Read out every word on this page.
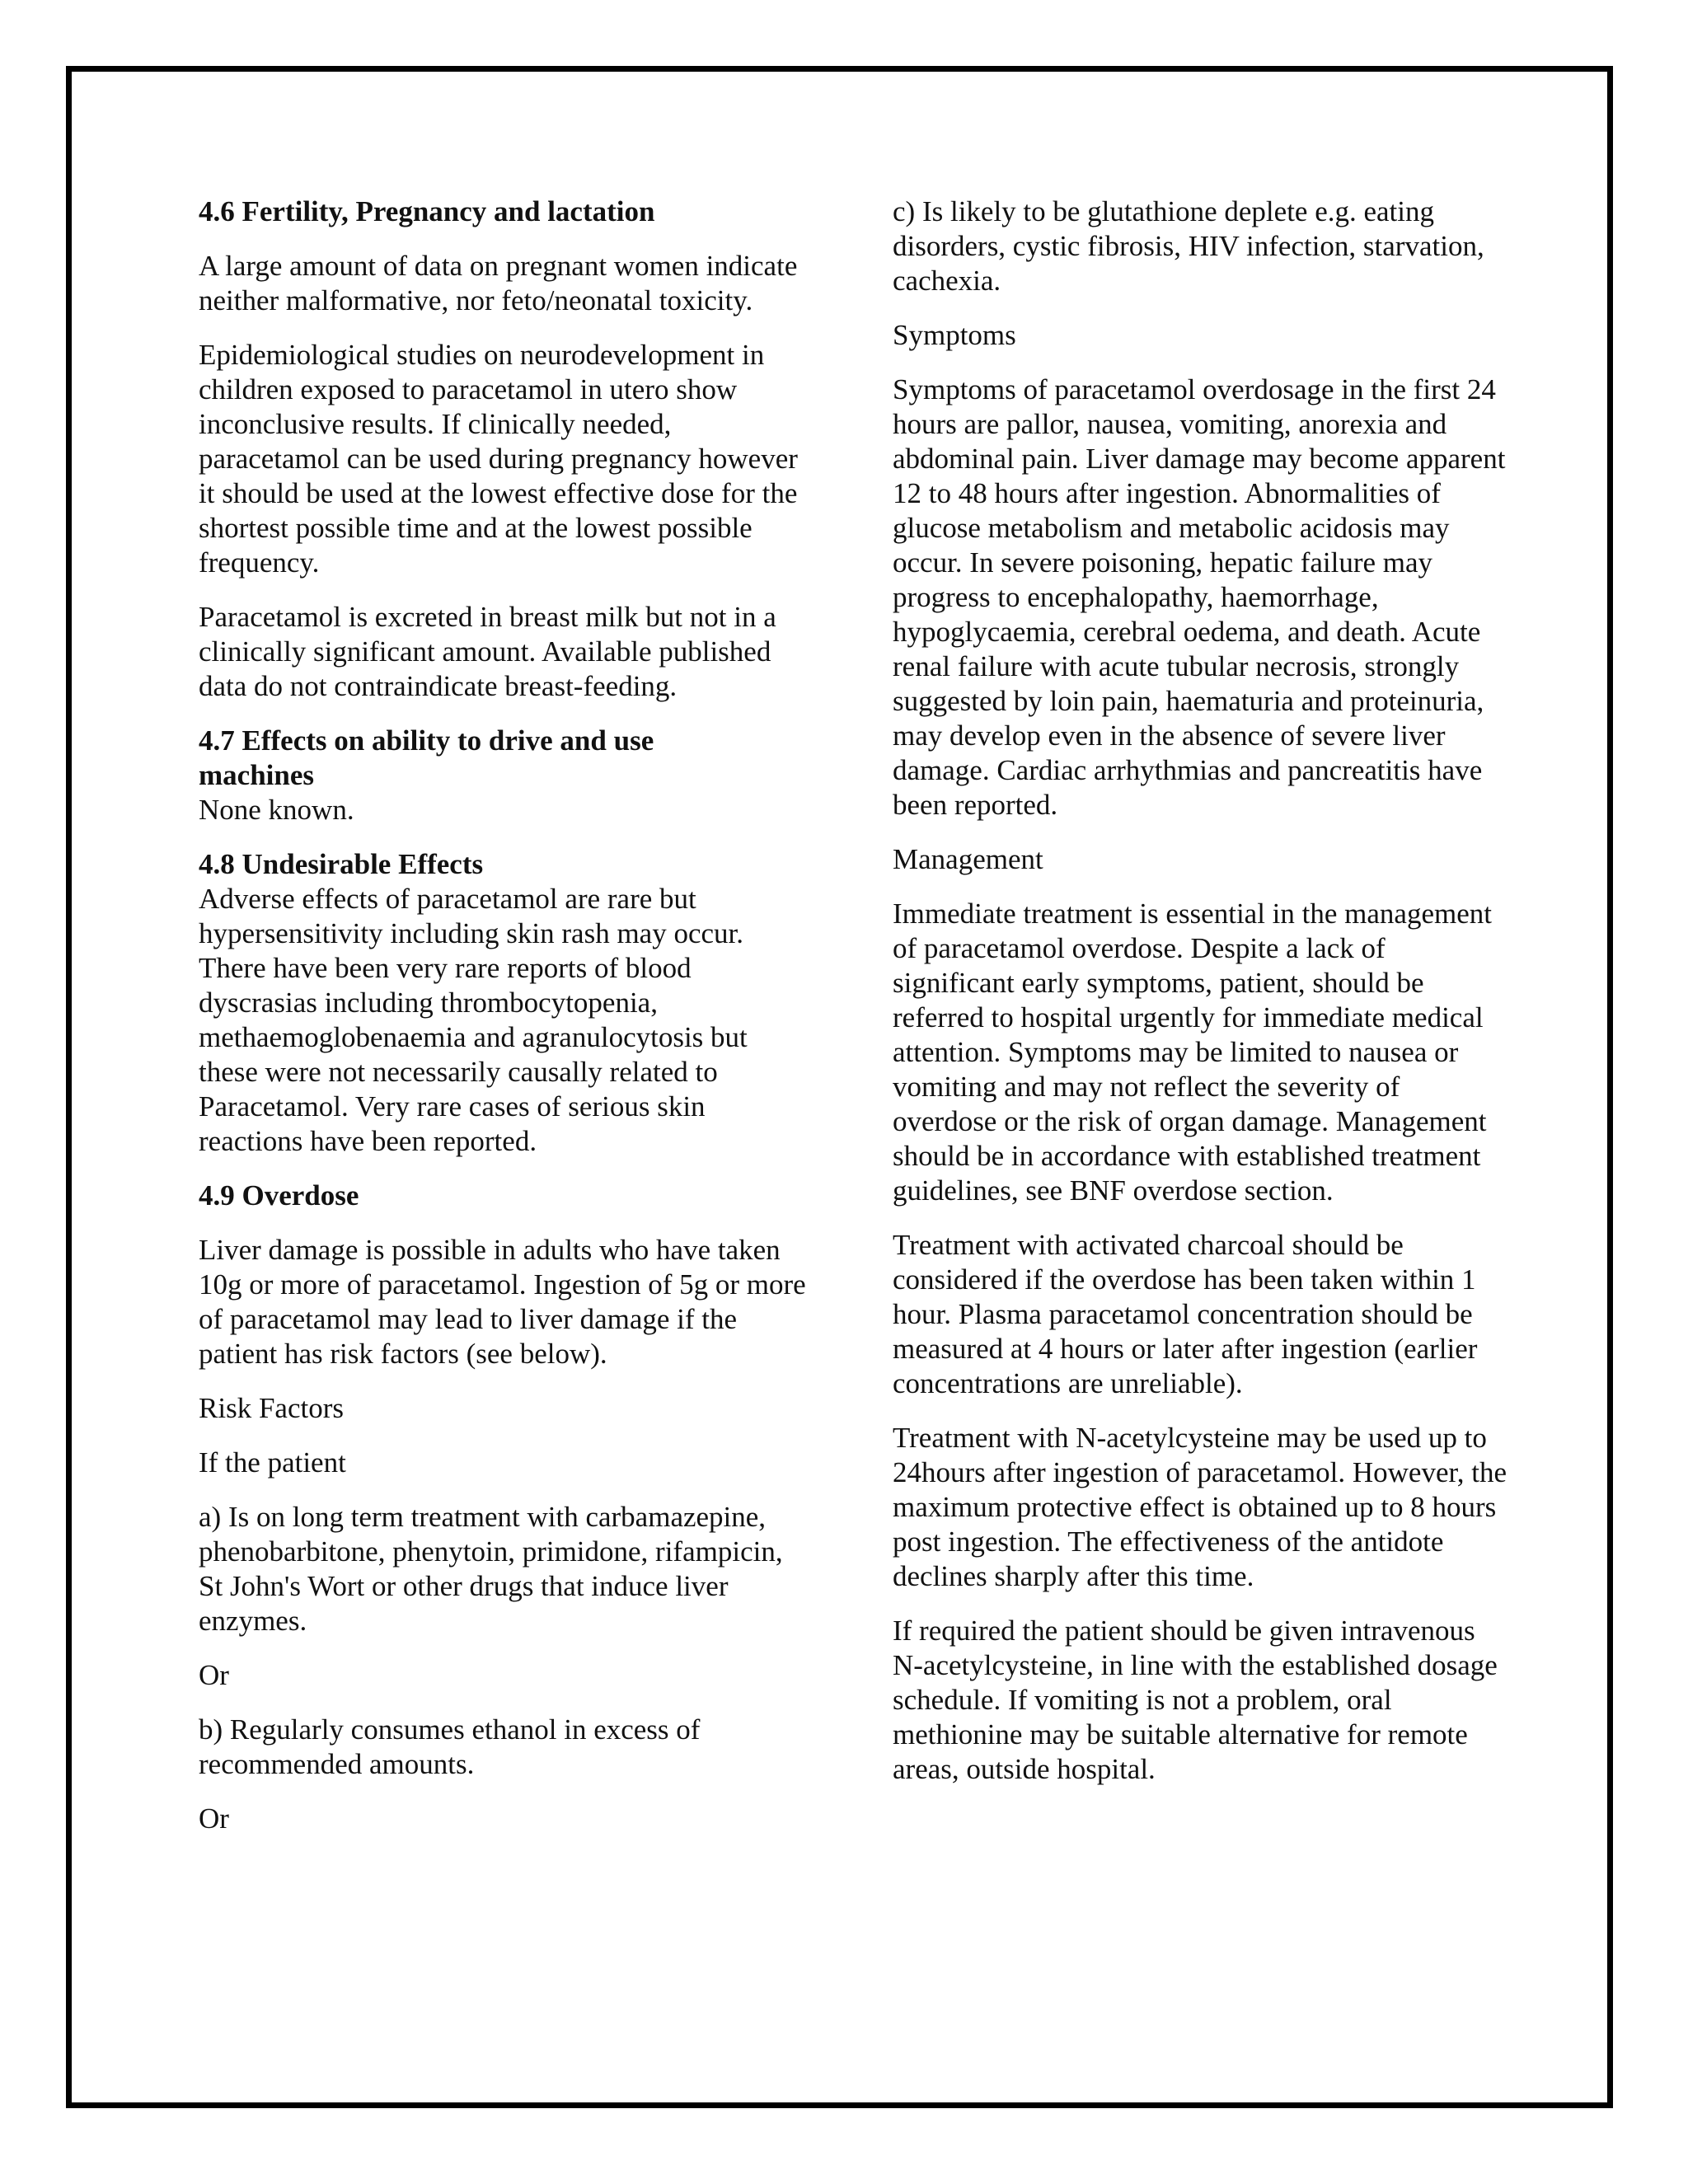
4.6 Fertility, Pregnancy and lactation

A large amount of data on pregnant women indicate neither malformative, nor feto/neonatal toxicity.

Epidemiological studies on neurodevelopment in children exposed to paracetamol in utero show inconclusive results. If clinically needed, paracetamol can be used during pregnancy however it should be used at the lowest effective dose for the shortest possible time and at the lowest possible frequency.

Paracetamol is excreted in breast milk but not in a clinically significant amount. Available published data do not contraindicate breast-feeding.

4.7 Effects on ability to drive and use machines

None known.

4.8 Undesirable Effects

Adverse effects of paracetamol are rare but hypersensitivity including skin rash may occur. There have been very rare reports of blood dyscrasias including thrombocytopenia, methaemoglobenaemia and agranulocytosis but these were not necessarily causally related to Paracetamol. Very rare cases of serious skin reactions have been reported.

4.9 Overdose

Liver damage is possible in adults who have taken 10g or more of paracetamol. Ingestion of 5g or more of paracetamol may lead to liver damage if the patient has risk factors (see below).

Risk Factors

If the patient

a) Is on long term treatment with carbamazepine, phenobarbitone, phenytoin, primidone, rifampicin, St John's Wort or other drugs that induce liver enzymes.

Or

b) Regularly consumes ethanol in excess of recommended amounts.

Or

c) Is likely to be glutathione deplete e.g. eating disorders, cystic fibrosis, HIV infection, starvation, cachexia.

Symptoms

Symptoms of paracetamol overdosage in the first 24 hours are pallor, nausea, vomiting, anorexia and abdominal pain. Liver damage may become apparent 12 to 48 hours after ingestion. Abnormalities of glucose metabolism and metabolic acidosis may occur. In severe poisoning, hepatic failure may progress to encephalopathy, haemorrhage, hypoglycaemia, cerebral oedema, and death. Acute renal failure with acute tubular necrosis, strongly suggested by loin pain, haematuria and proteinuria, may develop even in the absence of severe liver damage. Cardiac arrhythmias and pancreatitis have been reported.

Management

Immediate treatment is essential in the management of paracetamol overdose. Despite a lack of significant early symptoms, patient, should be referred to hospital urgently for immediate medical attention. Symptoms may be limited to nausea or vomiting and may not reflect the severity of overdose or the risk of organ damage. Management should be in accordance with established treatment guidelines, see BNF overdose section.

Treatment with activated charcoal should be considered if the overdose has been taken within 1 hour. Plasma paracetamol concentration should be measured at 4 hours or later after ingestion (earlier concentrations are unreliable).

Treatment with N-acetylcysteine may be used up to 24hours after ingestion of paracetamol. However, the maximum protective effect is obtained up to 8 hours post ingestion. The effectiveness of the antidote declines sharply after this time.

If required the patient should be given intravenous N-acetylcysteine, in line with the established dosage schedule. If vomiting is not a problem, oral methionine may be suitable alternative for remote areas, outside hospital.
